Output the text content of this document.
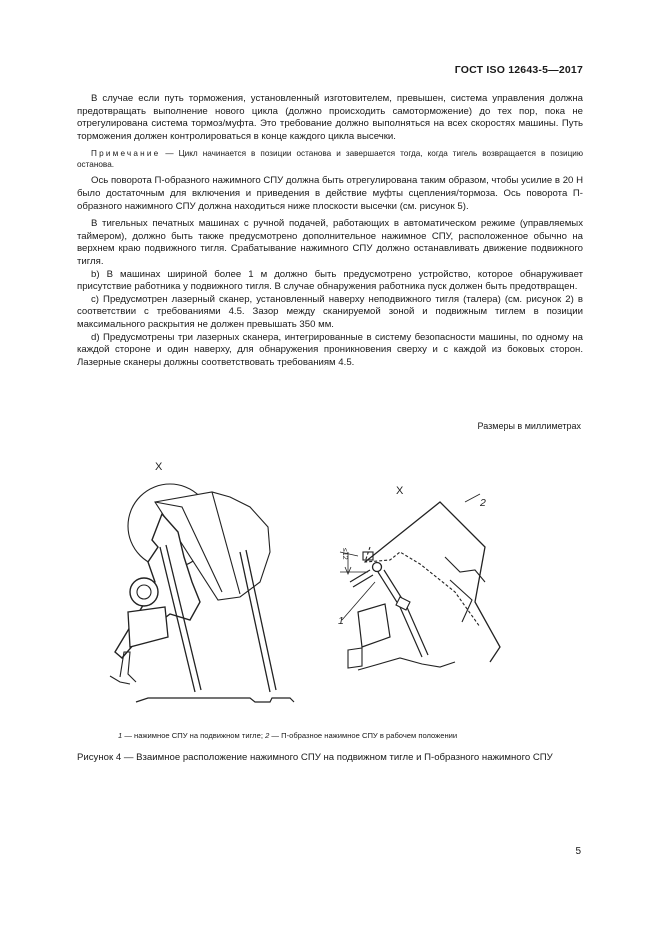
ГОСТ ISO 12643-5—2017

В случае если путь торможения, установленный изготовителем, превышен, система управления должна предотвращать выполнение нового цикла (должно происходить самоторможение) до тех пор, пока не отрегулирована система тормоз/муфта. Это требование должно выполняться на всех скоростях машины. Путь торможения должен контролироваться в конце каждого цикла высечки.

Примечание — Цикл начинается в позиции останова и завершается тогда, когда тигель возвращается в позицию останова.

Ось поворота П-образного нажимного СПУ должна быть отрегулирована таким образом, чтобы усилие в 20 Н было достаточным для включения и приведения в действие муфты сцепления/тормоза. Ось поворота П-образного нажимного СПУ должна находиться ниже плоскости высечки (см. рисунок 5).

В тигельных печатных машинах с ручной подачей, работающих в автоматическом режиме (управляемых таймером), должно быть также предусмотрено дополнительное нажимное СПУ, расположенное обычно на верхнем краю подвижного тигля. Срабатывание нажимного СПУ должно останавливать движение подвижного тигля.

b) В машинах шириной более 1 м должно быть предусмотрено устройство, которое обнаруживает присутствие работника у подвижного тигля. В случае обнаружения работника пуск должен быть предотвращен.

c) Предусмотрен лазерный сканер, установленный наверху неподвижного тигля (талера) (см. рисунок 2) в соответствии с требованиями 4.5. Зазор между сканируемой зоной и подвижным тиглем в позиции максимального раскрытия не должен превышать 350 мм.

d) Предусмотрены три лазерных сканера, интегрированные в систему безопасности машины, по одному на каждой стороне и один наверху, для обнаружения проникновения сверху и с каждой из боковых сторон. Лазерные сканеры должны соответствовать требованиям 4.5.

Размеры в миллиметрах
X
X
2
1
≤12
1 — нажимное СПУ на подвижном тигле; 2 — П-образное нажимное СПУ в рабочем положении
Рисунок 4 — Взаимное расположение нажимного СПУ на подвижном тигле и П-образного нажимного СПУ
5
